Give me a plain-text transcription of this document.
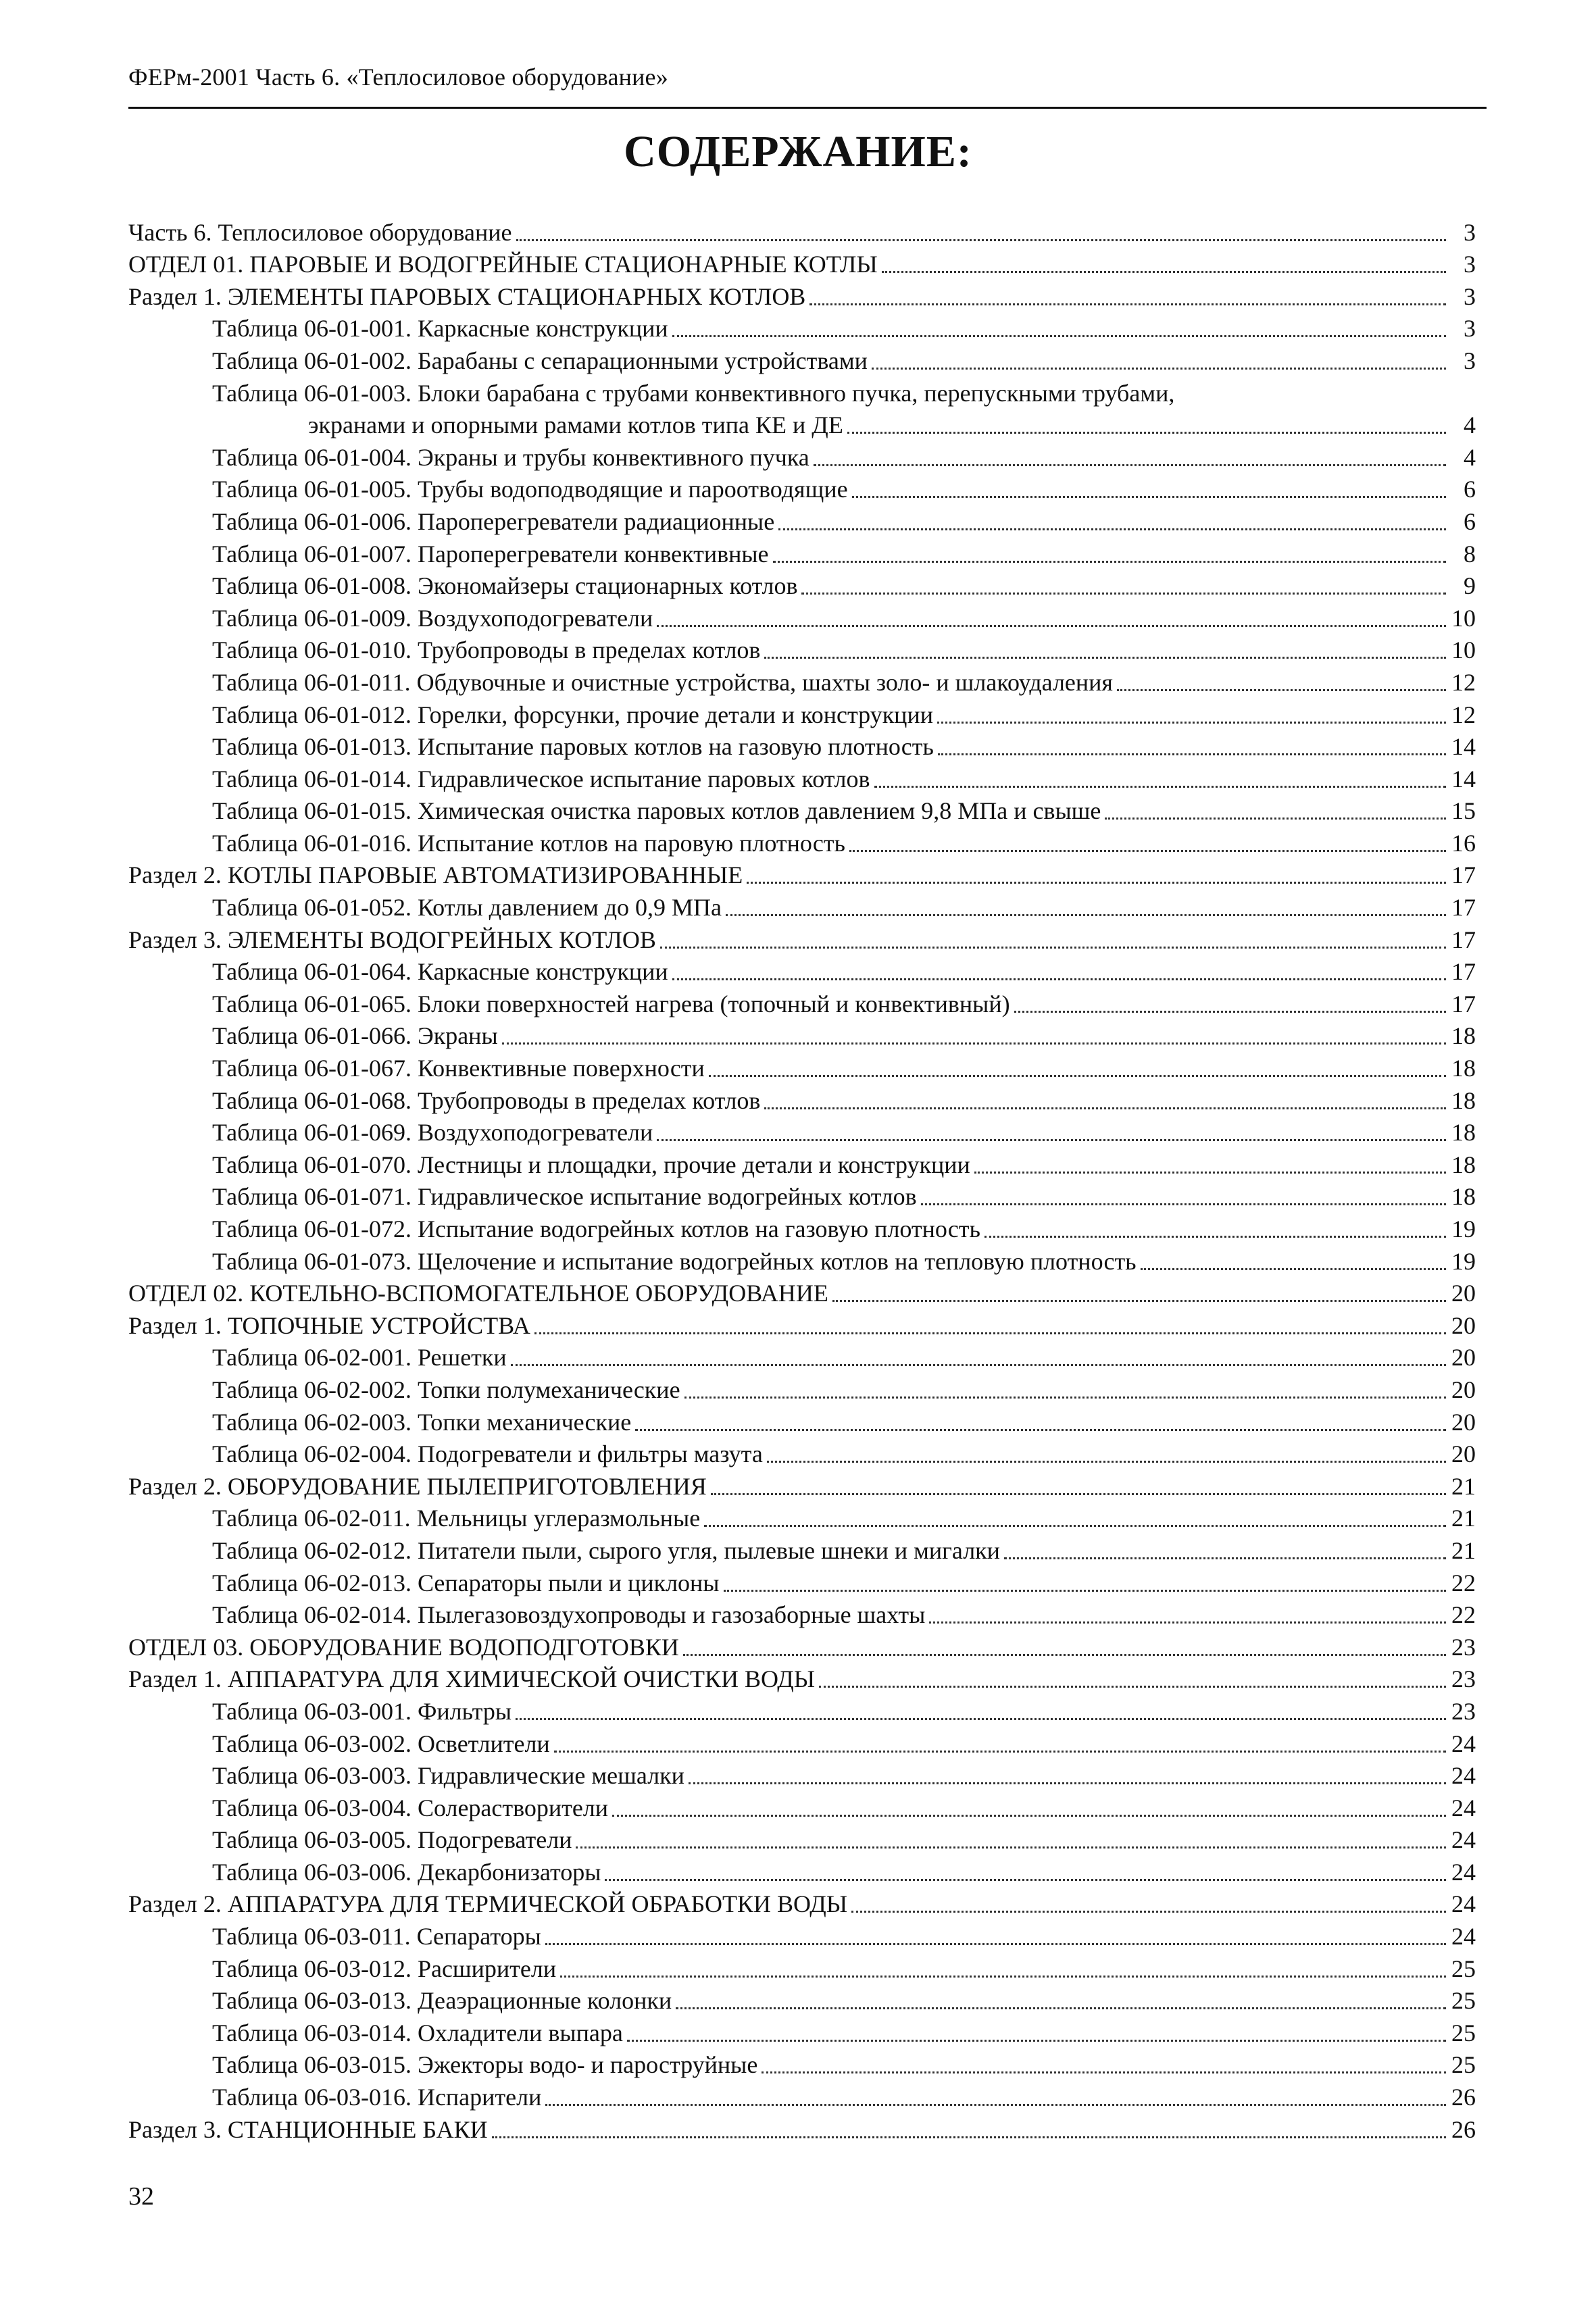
ФЕРм-2001 Часть 6. «Теплосиловое оборудование»
СОДЕРЖАНИЕ:
Часть 6. Теплосиловое оборудование	3
ОТДЕЛ 01. ПАРОВЫЕ И ВОДОГРЕЙНЫЕ СТАЦИОНАРНЫЕ КОТЛЫ	3
Раздел 1. ЭЛЕМЕНТЫ ПАРОВЫХ СТАЦИОНАРНЫХ КОТЛОВ	3
Таблица 06-01-001. Каркасные конструкции	3
Таблица 06-01-002. Барабаны с сепарационными устройствами	3
Таблица 06-01-003. Блоки барабана с трубами конвективного пучка, перепускными трубами,
экранами и опорными рамами котлов типа КЕ и ДЕ	4
Таблица 06-01-004. Экраны и трубы конвективного пучка	4
Таблица 06-01-005. Трубы водоподводящие и пароотводящие	6
Таблица 06-01-006. Пароперегреватели радиационные	6
Таблица 06-01-007. Пароперегреватели конвективные	8
Таблица 06-01-008. Экономайзеры стационарных котлов	9
Таблица 06-01-009. Воздухоподогреватели	10
Таблица 06-01-010. Трубопроводы в пределах котлов	10
Таблица 06-01-011. Обдувочные и очистные устройства, шахты золо- и шлакоудаления	12
Таблица 06-01-012. Горелки, форсунки, прочие детали и конструкции	12
Таблица 06-01-013. Испытание паровых котлов на газовую плотность	14
Таблица 06-01-014. Гидравлическое испытание паровых котлов	14
Таблица 06-01-015. Химическая очистка паровых котлов давлением 9,8 МПа и свыше	15
Таблица 06-01-016. Испытание котлов на паровую плотность	16
Раздел 2. КОТЛЫ ПАРОВЫЕ АВТОМАТИЗИРОВАННЫЕ	17
Таблица 06-01-052. Котлы давлением до 0,9 МПа	17
Раздел 3. ЭЛЕМЕНТЫ ВОДОГРЕЙНЫХ КОТЛОВ	17
Таблица 06-01-064. Каркасные конструкции	17
Таблица 06-01-065. Блоки поверхностей нагрева (топочный и конвективный)	17
Таблица 06-01-066. Экраны	18
Таблица 06-01-067. Конвективные поверхности	18
Таблица 06-01-068. Трубопроводы в пределах котлов	18
Таблица 06-01-069. Воздухоподогреватели	18
Таблица 06-01-070. Лестницы и площадки, прочие детали и конструкции	18
Таблица 06-01-071. Гидравлическое испытание водогрейных котлов	18
Таблица 06-01-072. Испытание водогрейных котлов на газовую плотность	19
Таблица 06-01-073. Щелочение и испытание водогрейных котлов на тепловую плотность	19
ОТДЕЛ 02. КОТЕЛЬНО-ВСПОМОГАТЕЛЬНОЕ ОБОРУДОВАНИЕ	20
Раздел 1. ТОПОЧНЫЕ УСТРОЙСТВА	20
Таблица 06-02-001. Решетки	20
Таблица 06-02-002. Топки полумеханические	20
Таблица 06-02-003. Топки механические	20
Таблица 06-02-004. Подогреватели и фильтры мазута	20
Раздел 2. ОБОРУДОВАНИЕ ПЫЛЕПРИГОТОВЛЕНИЯ	21
Таблица 06-02-011. Мельницы углеразмольные	21
Таблица 06-02-012. Питатели пыли, сырого угля, пылевые шнеки и мигалки	21
Таблица 06-02-013. Сепараторы пыли и циклоны	22
Таблица 06-02-014. Пылегазовоздухопроводы и газозаборные шахты	22
ОТДЕЛ 03. ОБОРУДОВАНИЕ ВОДОПОДГОТОВКИ	23
Раздел 1. АППАРАТУРА ДЛЯ ХИМИЧЕСКОЙ ОЧИСТКИ ВОДЫ	23
Таблица 06-03-001. Фильтры	23
Таблица 06-03-002. Осветлители	24
Таблица 06-03-003. Гидравлические мешалки	24
Таблица 06-03-004. Солерастворители	24
Таблица 06-03-005. Подогреватели	24
Таблица 06-03-006. Декарбонизаторы	24
Раздел 2. АППАРАТУРА ДЛЯ ТЕРМИЧЕСКОЙ ОБРАБОТКИ ВОДЫ	24
Таблица 06-03-011. Сепараторы	24
Таблица 06-03-012. Расширители	25
Таблица 06-03-013. Деаэрационные колонки	25
Таблица 06-03-014. Охладители выпара	25
Таблица 06-03-015. Эжекторы водо- и пароструйные	25
Таблица 06-03-016. Испарители	26
Раздел 3. СТАНЦИОННЫЕ БАКИ	26
32
